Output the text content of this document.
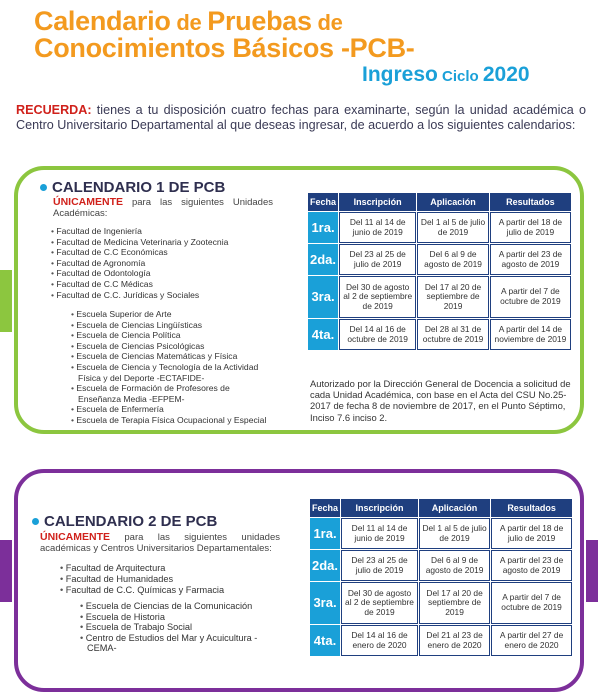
Calendario de Pruebas de
Conocimientos Básicos -PCB-
Ingreso Ciclo 2020
RECUERDA: tienes a tu disposición cuatro fechas para examinarte, según la unidad académica o Centro Universitario Departamental al que deseas ingresar, de acuerdo a los siguientes calendarios:
CALENDARIO 1 DE PCB
ÚNICAMENTE para las siguientes Unidades Académicas:
• Facultad de Ingeniería
• Facultad de Medicina Veterinaria y Zootecnia
• Facultad de C.C Económicas
• Facultad de Agronomía
• Facultad de Odontología
• Facultad de C.C Médicas
• Facultad de C.C. Jurídicas y Sociales
• Escuela Superior de Arte
• Escuela de Ciencias Lingüísticas
• Escuela de Ciencia Política
• Escuela de Ciencias Psicológicas
• Escuela de Ciencias Matemáticas y Física
• Escuela de Ciencia y Tecnología de la Actividad Física y del Deporte -ECTAFIDE-
• Escuela de Formación de Profesores de Enseñanza Media -EFPEM-
• Escuela de Enfermería
• Escuela de Terapia Física Ocupacional y Especial
Fecha	Inscripción	Aplicación	Resultados
1ra.	Del 11 al 14 de junio de 2019	Del 1 al 5 de julio de 2019	A partir del 18 de julio de 2019
2da.	Del 23 al 25 de julio de 2019	Del 6 al 9 de agosto de 2019	A partir del 23 de agosto de 2019
3ra.	Del 30 de agosto al 2 de septiembre de 2019	Del 17 al 20 de septiembre de 2019	A partir del 7 de octubre de 2019
4ta.	Del 14 al 16 de octubre de 2019	Del 28 al 31 de octubre de 2019	A partir del 14 de noviembre de 2019
Autorizado por la Dirección General de Docencia a solicitud de cada Unidad Académica, con base en el Acta del CSU No.25-2017 de fecha 8 de noviembre de 2017, en el Punto Séptimo, Inciso 7.6 inciso 2.
CALENDARIO 2 DE PCB
ÚNICAMENTE para las siguientes unidades académicas y Centros Universitarios Departamentales:
• Facultad de Arquitectura
• Facultad de Humanidades
• Facultad de C.C. Químicas y Farmacia
• Escuela de Ciencias de la Comunicación
• Escuela de Historia
• Escuela de Trabajo Social
• Centro de Estudios del Mar y Acuicultura -CEMA-
Fecha	Inscripción	Aplicación	Resultados
1ra.	Del 11 al 14 de junio de 2019	Del 1 al 5 de julio de 2019	A partir del 18 de julio de 2019
2da.	Del 23 al 25 de julio de 2019	Del 6 al 9 de agosto de 2019	A partir del 23 de agosto de 2019
3ra.	Del 30 de agosto al 2 de septiembre de 2019	Del 17 al 20 de septiembre de 2019	A partir del 7 de octubre de 2019
4ta.	Del 14 al 16 de enero de 2020	Del 21 al 23 de enero de 2020	A partir del 27 de enero de 2020
